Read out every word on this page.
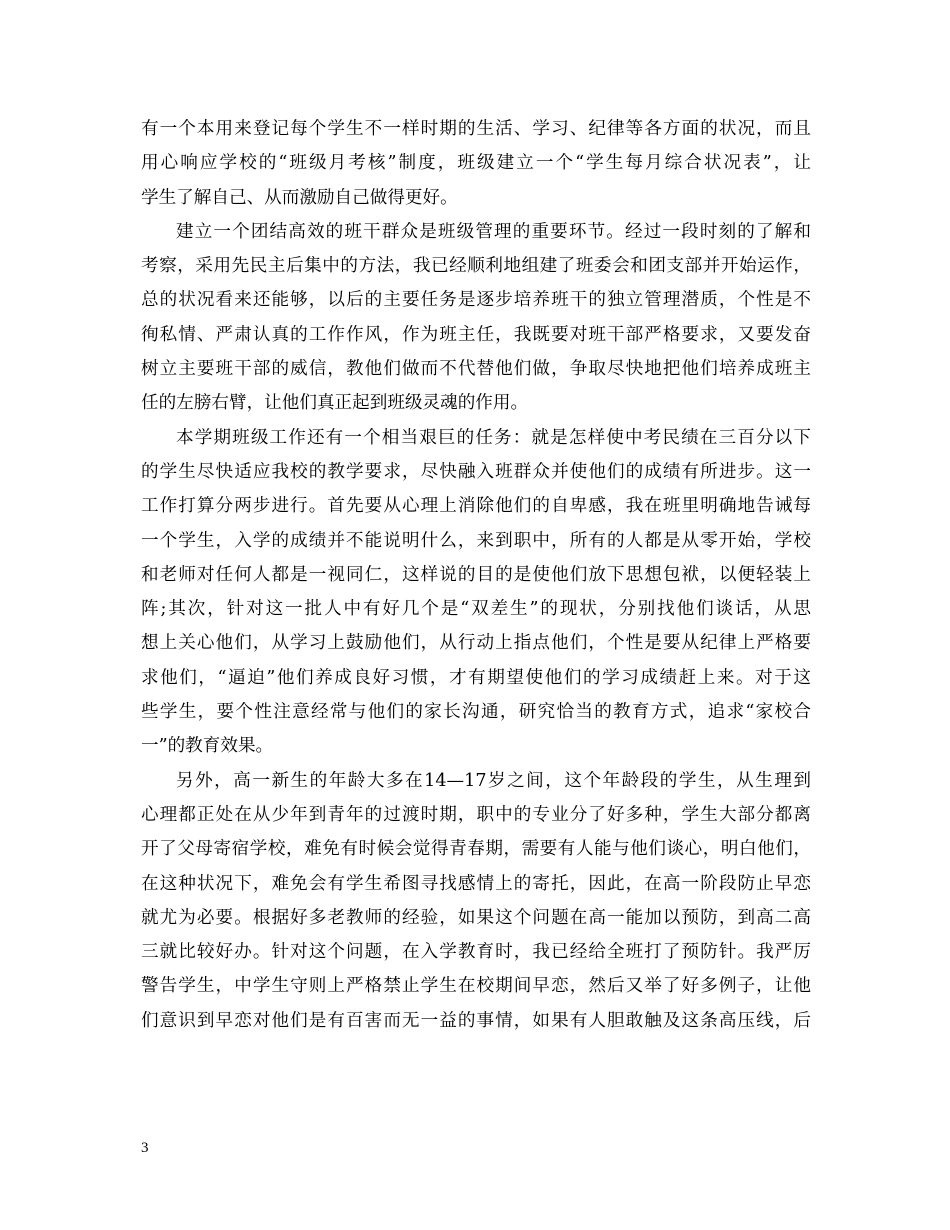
有一个本用来登记每个学生不一样时期的生活、学习、纪律等各方面的状况，而且
用心响应学校的“班级月考核”制度，班级建立一个“学生每月综合状况表”，让
学生了解自己、从而激励自己做得更好。
建立一个团结高效的班干群众是班级管理的重要环节。经过一段时刻的了解和
考察，采用先民主后集中的方法，我已经顺利地组建了班委会和团支部并开始运作，
总的状况看来还能够，以后的主要任务是逐步培养班干的独立管理潜质，个性是不
徇私情、严肃认真的工作作风，作为班主任，我既要对班干部严格要求，又要发奋
树立主要班干部的威信，教他们做而不代替他们做，争取尽快地把他们培养成班主
任的左膀右臂，让他们真正起到班级灵魂的作用。
本学期班级工作还有一个相当艰巨的任务：就是怎样使中考民绩在三百分以下
的学生尽快适应我校的教学要求，尽快融入班群众并使他们的成绩有所进步。这一
工作打算分两步进行。首先要从心理上消除他们的自卑感，我在班里明确地告诫每
一个学生，入学的成绩并不能说明什么，来到职中，所有的人都是从零开始，学校
和老师对任何人都是一视同仁，这样说的目的是使他们放下思想包袱，以便轻装上
阵;其次，针对这一批人中有好几个是“双差生”的现状，分别找他们谈话，从思
想上关心他们，从学习上鼓励他们，从行动上指点他们，个性是要从纪律上严格要
求他们，“逼迫”他们养成良好习惯，才有期望使他们的学习成绩赶上来。对于这
些学生，要个性注意经常与他们的家长沟通，研究恰当的教育方式，追求“家校合
一”的教育效果。
另外，高一新生的年龄大多在14—17岁之间，这个年龄段的学生，从生理到
心理都正处在从少年到青年的过渡时期，职中的专业分了好多种，学生大部分都离
开了父母寄宿学校，难免有时候会觉得青春期，需要有人能与他们谈心，明白他们，
在这种状况下，难免会有学生希图寻找感情上的寄托，因此，在高一阶段防止早恋
就尤为必要。根据好多老教师的经验，如果这个问题在高一能加以预防，到高二高
三就比较好办。针对这个问题，在入学教育时，我已经给全班打了预防针。我严厉
警告学生，中学生守则上严格禁止学生在校期间早恋，然后又举了好多例子，让他
们意识到早恋对他们是有百害而无一益的事情，如果有人胆敢触及这条高压线，后
3
